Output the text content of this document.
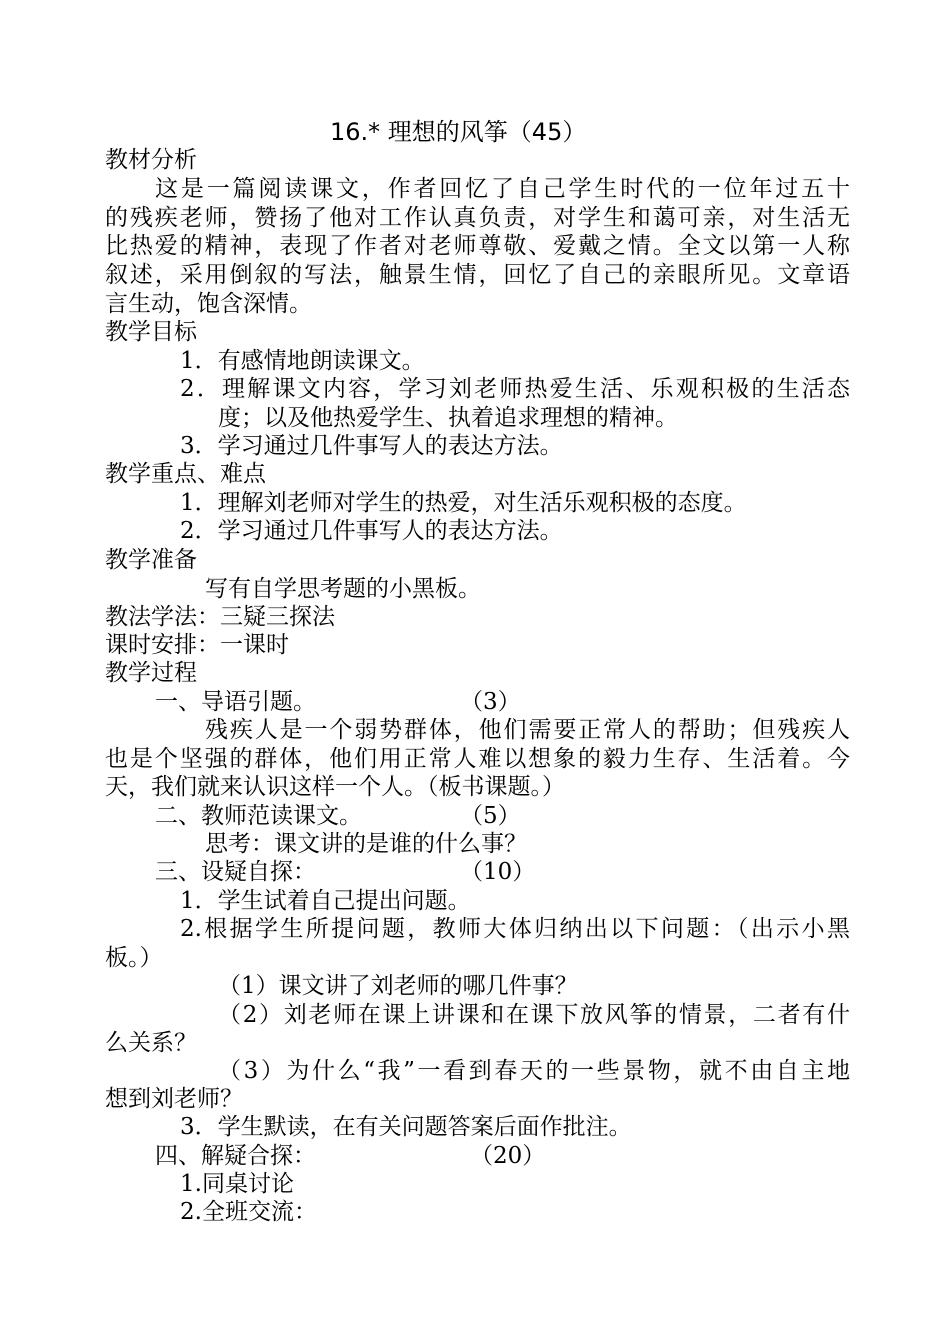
16.* 理想的风筝（45）
教材分析
这是一篇阅读课文，作者回忆了自己学生时代的一位年过五十
的残疾老师，赞扬了他对工作认真负责，对学生和蔼可亲，对生活无
比热爱的精神，表现了作者对老师尊敬、爱戴之情。全文以第一人称
叙述，采用倒叙的写法，触景生情，回忆了自己的亲眼所见。文章语
言生动，饱含深情。
教学目标
1．有感情地朗读课文。
2．理解课文内容，学习刘老师热爱生活、乐观积极的生活态
度；以及他热爱学生、执着追求理想的精神。
3．学习通过几件事写人的表达方法。
教学重点、难点
1．理解刘老师对学生的热爱，对生活乐观积极的态度。
2．学习通过几件事写人的表达方法。
教学准备
写有自学思考题的小黑板。
教法学法：三疑三探法
课时安排：一课时
教学过程
一、导语引题。	（3）
残疾人是一个弱势群体，他们需要正常人的帮助；但残疾人
也是个坚强的群体，他们用正常人难以想象的毅力生存、生活着。今
天，我们就来认识这样一个人。（板书课题。）
二、教师范读课文。	（5）
思考：课文讲的是谁的什么事？
三、设疑自探：	（10）
1．学生试着自己提出问题。
2.根据学生所提问题，教师大体归纳出以下问题：（出示小黑
板。）
（1）课文讲了刘老师的哪几件事？
（2）刘老师在课上讲课和在课下放风筝的情景，二者有什
么关系？
（3）为什么“我”一看到春天的一些景物，就不由自主地
想到刘老师？
3．学生默读，在有关问题答案后面作批注。
四、解疑合探：	（20）
1.同桌讨论
2.全班交流：
